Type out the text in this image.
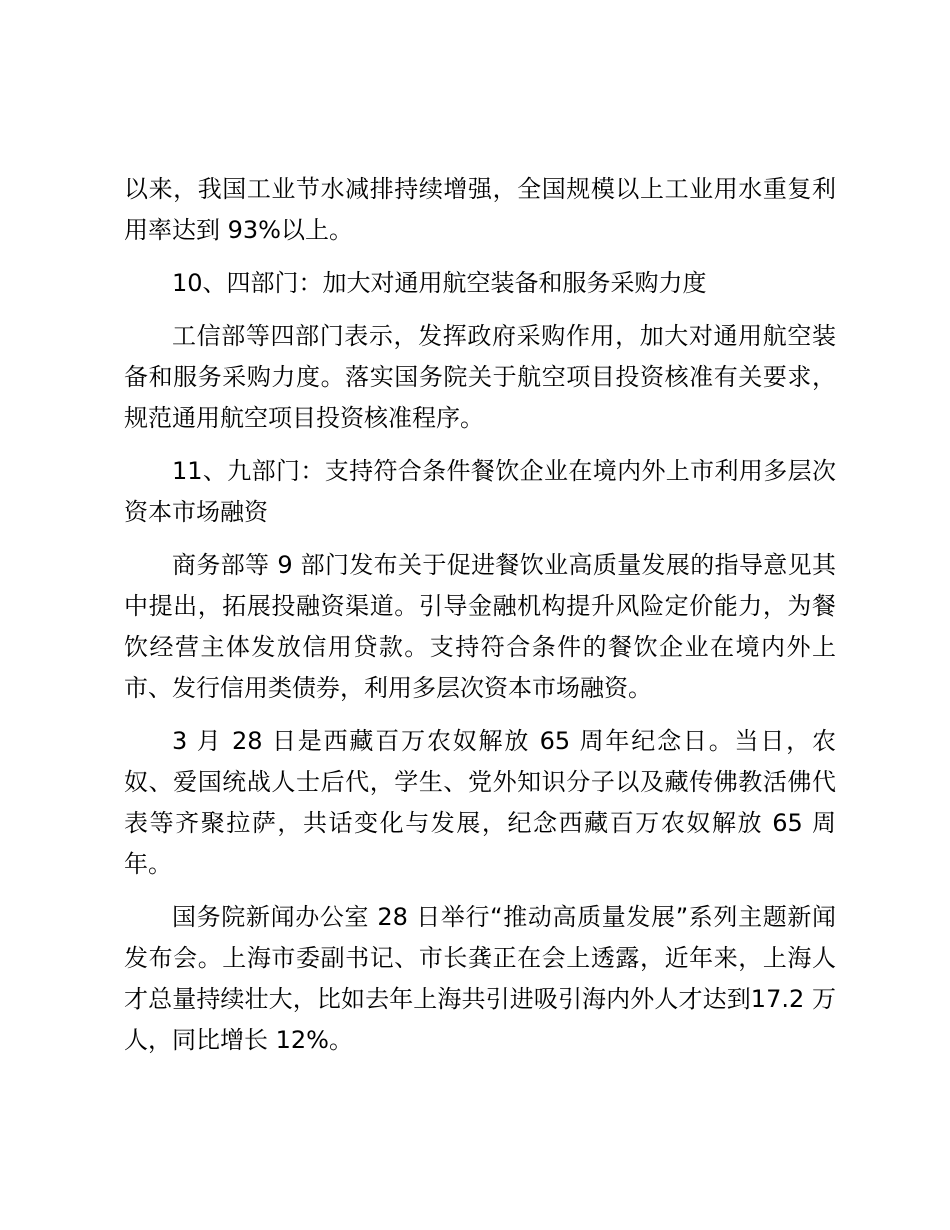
以来，我国工业节水减排持续增强，全国规模以上工业用水重复利用率达到 93%以上。

10、四部门：加大对通用航空装备和服务采购力度

工信部等四部门表示，发挥政府采购作用，加大对通用航空装备和服务采购力度。落实国务院关于航空项目投资核准有关要求，规范通用航空项目投资核准程序。

11、九部门：支持符合条件餐饮企业在境内外上市利用多层次资本市场融资

商务部等 9 部门发布关于促进餐饮业高质量发展的指导意见其中提出，拓展投融资渠道。引导金融机构提升风险定价能力，为餐饮经营主体发放信用贷款。支持符合条件的餐饮企业在境内外上市、发行信用类债券，利用多层次资本市场融资。

3 月 28 日是西藏百万农奴解放 65 周年纪念日。当日，农奴、爱国统战人士后代，学生、党外知识分子以及藏传佛教活佛代表等齐聚拉萨，共话变化与发展，纪念西藏百万农奴解放 65 周年。

国务院新闻办公室 28 日举行“推动高质量发展”系列主题新闻发布会。上海市委副书记、市长龚正在会上透露，近年来，上海人才总量持续壮大，比如去年上海共引进吸引海内外人才达到17.2 万人，同比增长 12%。
